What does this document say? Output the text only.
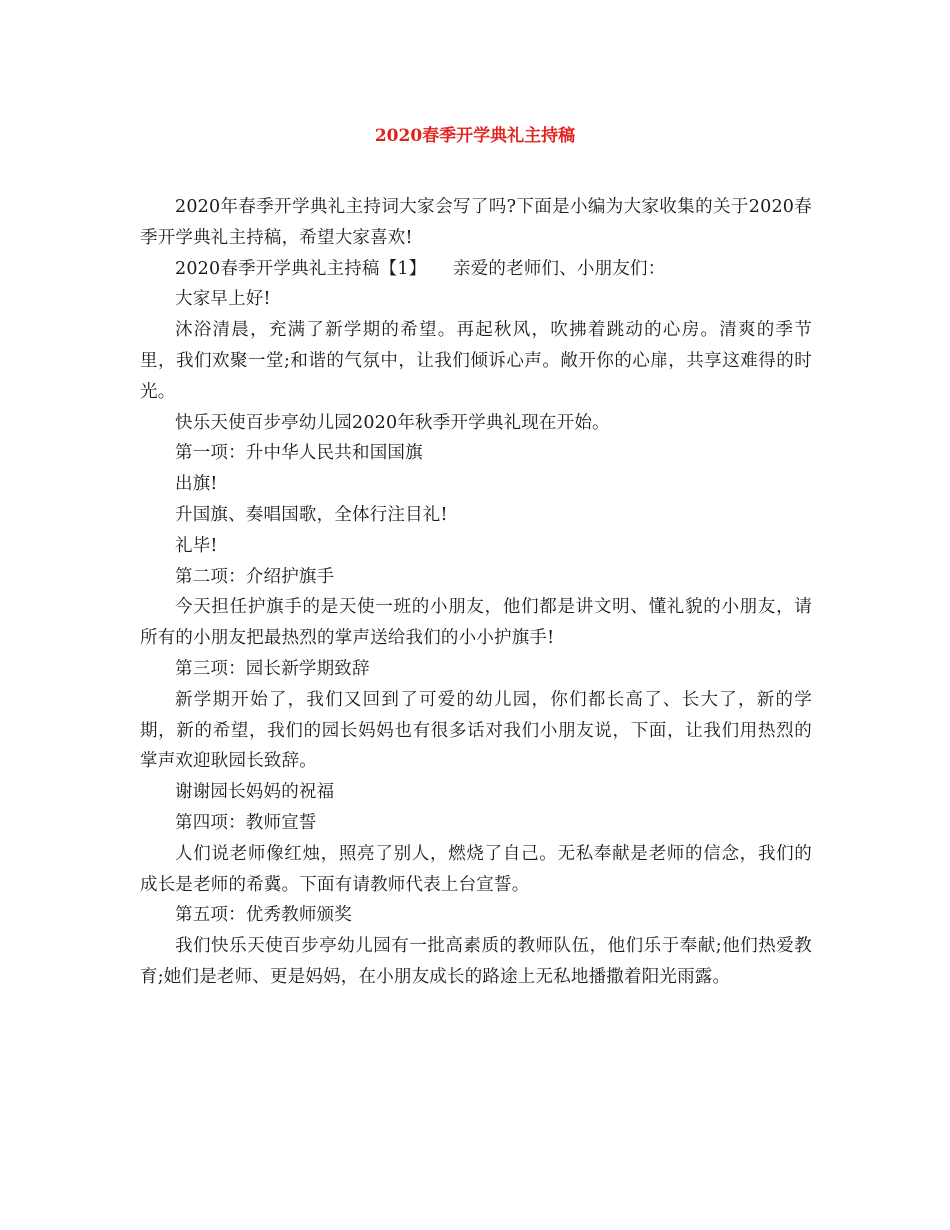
2020春季开学典礼主持稿

2020年春季开学典礼主持词大家会写了吗?下面是小编为大家收集的关于2020春季开学典礼主持稿，希望大家喜欢!

2020春季开学典礼主持稿【1】　　亲爱的老师们、小朋友们：

大家早上好!

沐浴清晨，充满了新学期的希望。再起秋风，吹拂着跳动的心房。清爽的季节里，我们欢聚一堂;和谐的气氛中，让我们倾诉心声。敞开你的心扉，共享这难得的时光。

快乐天使百步亭幼儿园2020年秋季开学典礼现在开始。

第一项：升中华人民共和国国旗

出旗!

升国旗、奏唱国歌，全体行注目礼!

礼毕!

第二项：介绍护旗手

今天担任护旗手的是天使一班的小朋友，他们都是讲文明、懂礼貌的小朋友，请所有的小朋友把最热烈的掌声送给我们的小小护旗手!

第三项：园长新学期致辞

新学期开始了，我们又回到了可爱的幼儿园，你们都长高了、长大了，新的学期，新的希望，我们的园长妈妈也有很多话对我们小朋友说，下面，让我们用热烈的掌声欢迎耿园长致辞。

谢谢园长妈妈的祝福

第四项：教师宣誓

人们说老师像红烛，照亮了别人，燃烧了自己。无私奉献是老师的信念，我们的成长是老师的希冀。下面有请教师代表上台宣誓。

第五项：优秀教师颁奖

我们快乐天使百步亭幼儿园有一批高素质的教师队伍，他们乐于奉献;他们热爱教育;她们是老师、更是妈妈，在小朋友成长的路途上无私地播撒着阳光雨露。
